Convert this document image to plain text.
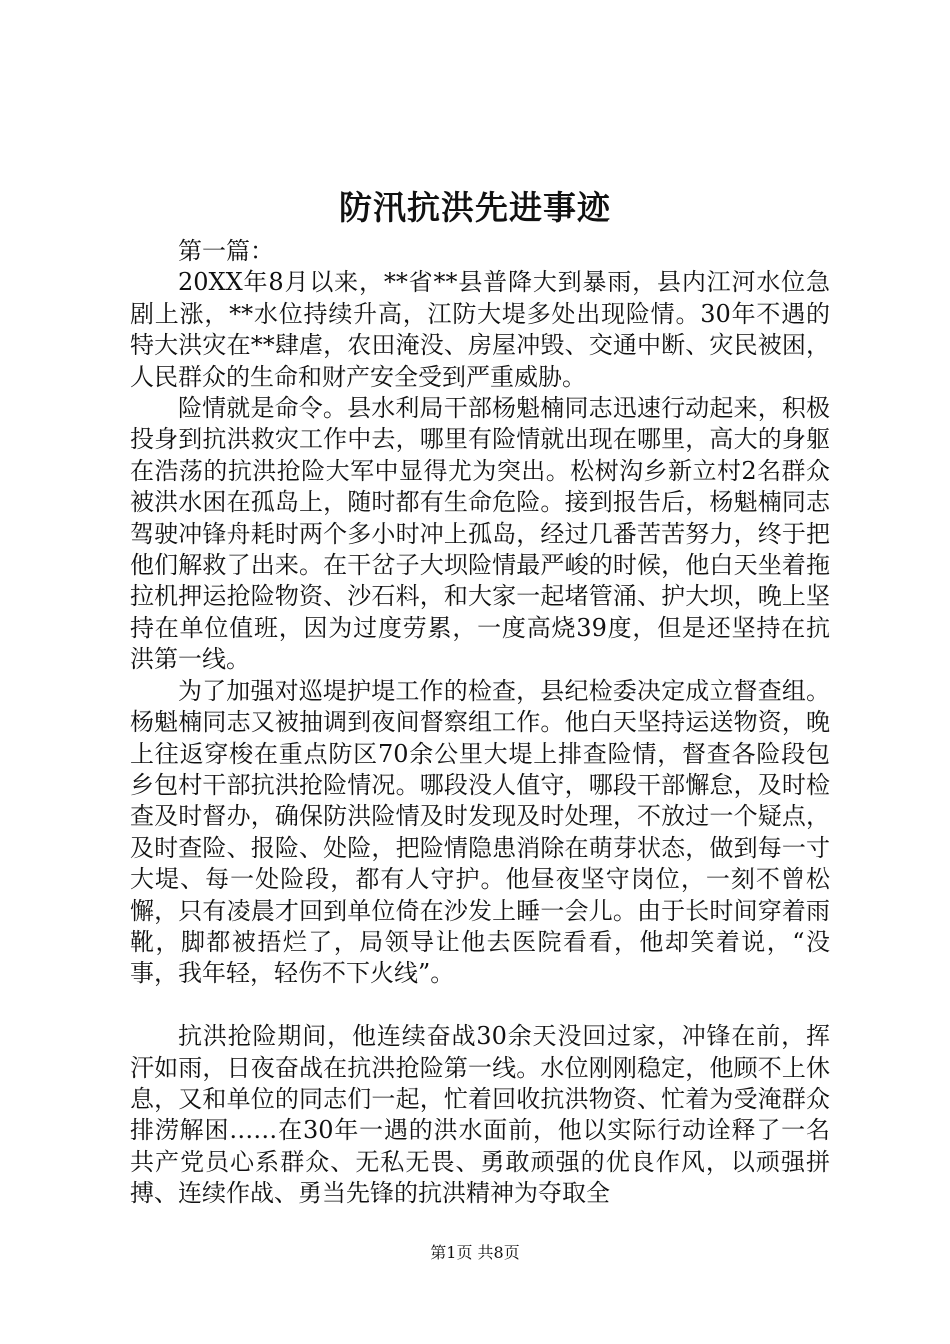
防汛抗洪先进事迹

第一篇：

20XX年8月以来，**省**县普降大到暴雨，县内江河水位急剧上涨，**水位持续升高，江防大堤多处出现险情。30年不遇的特大洪灾在**肆虐，农田淹没、房屋冲毁、交通中断、灾民被困，人民群众的生命和财产安全受到严重威胁。

险情就是命令。县水利局干部杨魁楠同志迅速行动起来，积极投身到抗洪救灾工作中去，哪里有险情就出现在哪里，高大的身躯在浩荡的抗洪抢险大军中显得尤为突出。松树沟乡新立村2名群众被洪水困在孤岛上，随时都有生命危险。接到报告后，杨魁楠同志驾驶冲锋舟耗时两个多小时冲上孤岛，经过几番苦苦努力，终于把他们解救了出来。在干岔子大坝险情最严峻的时候，他白天坐着拖拉机押运抢险物资、沙石料，和大家一起堵管涌、护大坝，晚上坚持在单位值班，因为过度劳累，一度高烧39度，但是还坚持在抗洪第一线。

为了加强对巡堤护堤工作的检查，县纪检委决定成立督查组。杨魁楠同志又被抽调到夜间督察组工作。他白天坚持运送物资，晚上往返穿梭在重点防区70余公里大堤上排查险情，督查各险段包乡包村干部抗洪抢险情况。哪段没人值守，哪段干部懈怠，及时检查及时督办，确保防洪险情及时发现及时处理，不放过一个疑点，及时查险、报险、处险，把险情隐患消除在萌芽状态，做到每一寸大堤、每一处险段，都有人守护。他昼夜坚守岗位，一刻不曾松懈，只有凌晨才回到单位倚在沙发上睡一会儿。由于长时间穿着雨靴，脚都被捂烂了，局领导让他去医院看看，他却笑着说，“没事，我年轻，轻伤不下火线”。

抗洪抢险期间，他连续奋战30余天没回过家，冲锋在前，挥汗如雨，日夜奋战在抗洪抢险第一线。水位刚刚稳定，他顾不上休息，又和单位的同志们一起，忙着回收抗洪物资、忙着为受淹群众排涝解困……在30年一遇的洪水面前，他以实际行动诠释了一名共产党员心系群众、无私无畏、勇敢顽强的优良作风，以顽强拼搏、连续作战、勇当先锋的抗洪精神为夺取全

第1页 共8页
